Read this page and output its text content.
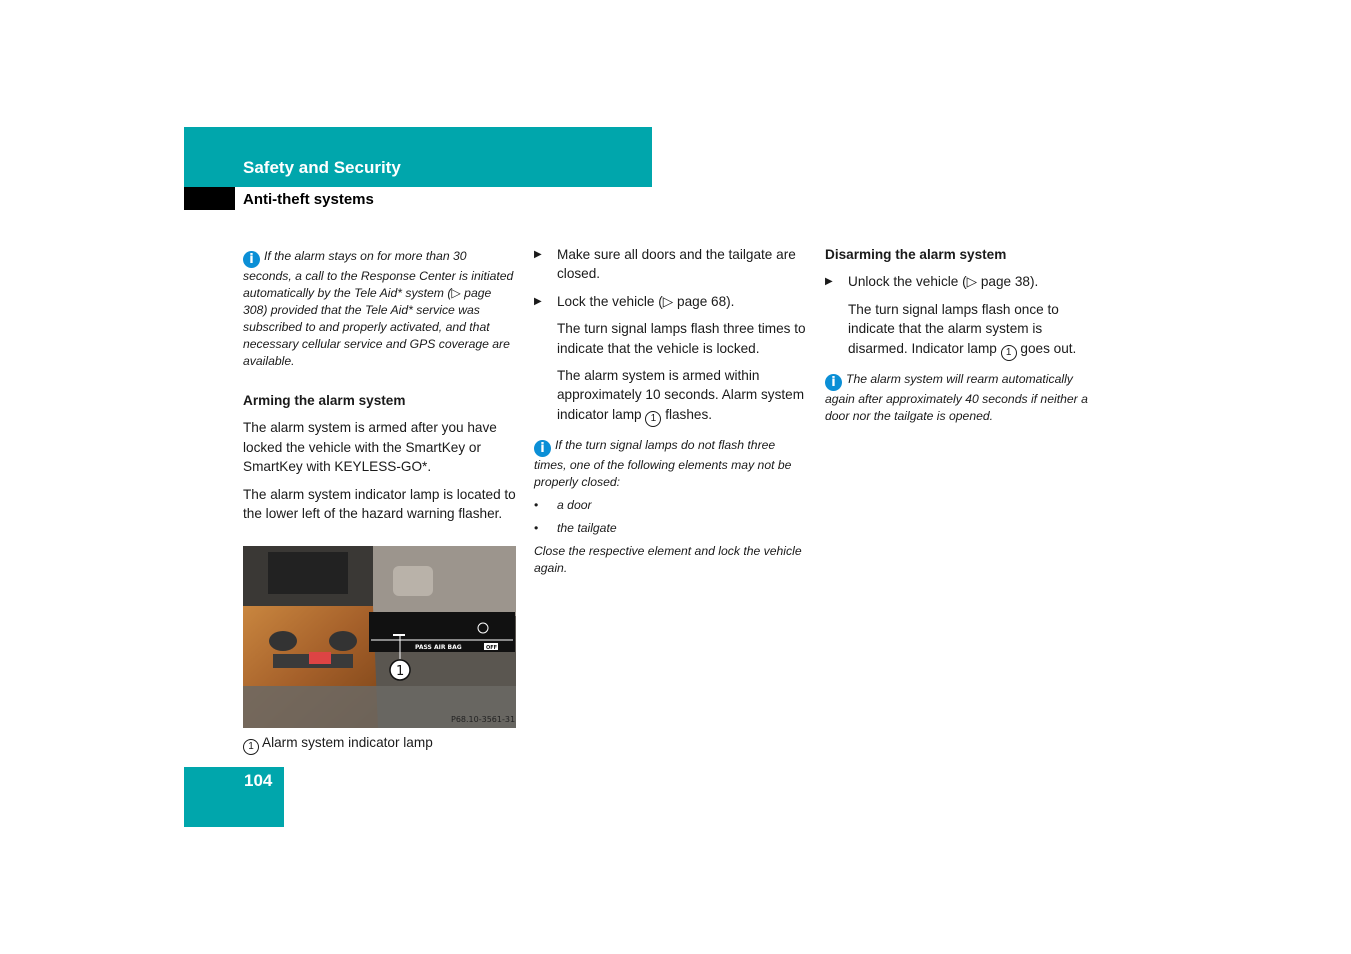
Safety and Security
Anti-theft systems

i If the alarm stays on for more than 30 seconds, a call to the Response Center is initiated automatically by the Tele Aid* system (▷ page 308) provided that the Tele Aid* service was subscribed to and properly activated, and that necessary cellular service and GPS coverage are available.

Arming the alarm system

The alarm system is armed after you have locked the vehicle with the SmartKey or SmartKey with KEYLESS-GO*.

The alarm system indicator lamp is located to the lower left of the hazard warning flasher.

PASS AIR BAG	OFF
1
P68.10-3561-31
1 Alarm system indicator lamp

▶ Make sure all doors and the tailgate are closed.

▶ Lock the vehicle (▷ page 68).

The turn signal lamps flash three times to indicate that the vehicle is locked.

The alarm system is armed within approximately 10 seconds. Alarm system indicator lamp 1 flashes.

i If the turn signal lamps do not flash three times, one of the following elements may not be properly closed:

• a door

• the tailgate

Close the respective element and lock the vehicle again.

Disarming the alarm system

▶ Unlock the vehicle (▷ page 38).

The turn signal lamps flash once to indicate that the alarm system is disarmed. Indicator lamp 1 goes out.

i The alarm system will rearm automatically again after approximately 40 seconds if neither a door nor the tailgate is opened.

104
